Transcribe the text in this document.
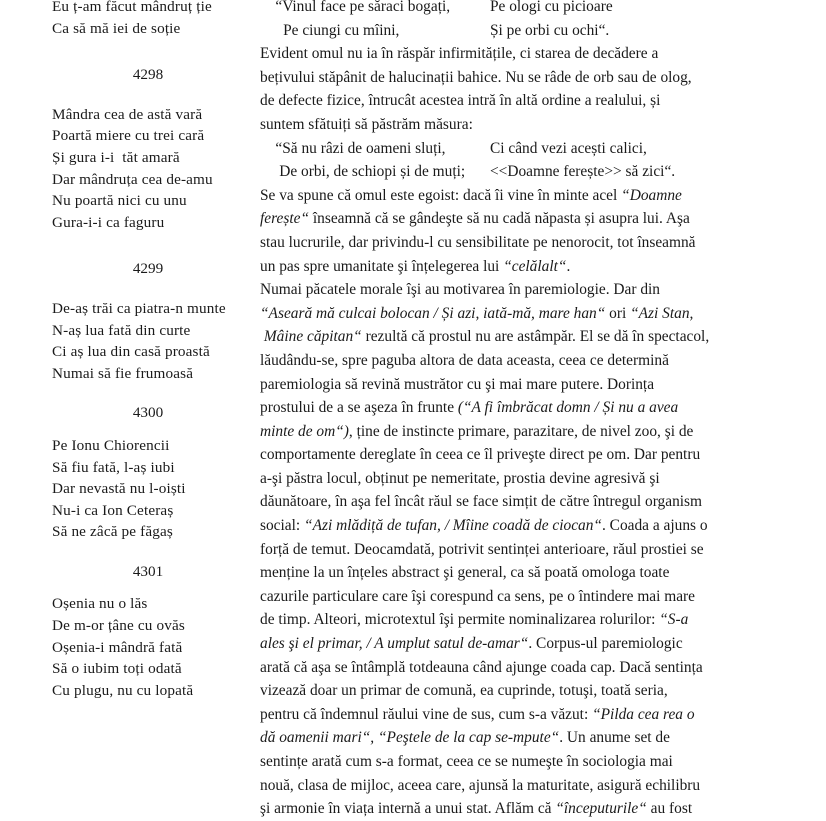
Eu ț-am făcut mândruț ție
Ca să mă iei de soție
4298
Mândra cea de astă vară
Poartă miere cu trei cară
Și gura i-i  tăt amară
Dar mândruța cea de-amu
Nu poartă nici cu unu
Gura-i-i ca faguru
4299
De-aș trăi ca piatra-n munte
N-aș lua fată din curte
Ci aș lua din casă proastă
Numai să fie frumoasă
4300
Pe Ionu Chiorencii
Să fiu fată, l-aș iubi
Dar nevastă nu l-oiști
Nu-i ca Ion Ceteraș
Să ne zâcă pe făgaș
4301
Oșenia nu o lăs
De m-or țâne cu ovăs
Oșenia-i mândră fată
Să o iubim toți odată
Cu plugu, nu cu lopată
“Vinul face pe săraci bogați,	Pe ologi cu picioare
Pe ciungi cu mîini,	Și pe orbi cu ochi“.
Evident omul nu ia în răspăr infirmitățile, ci starea de decădere a
bețivului stăpânit de halucinații bahice. Nu se râde de orb sau de olog,
de defecte fizice, întrucât acestea intră în altă ordine a realului, și
suntem sfătuiți să păstrăm măsura:
“Să nu râzi de oameni sluți,	Ci când vezi acești calici,
De orbi, de schiopi și de muți;	<<Doamne ferește>> să zici“.
Se va spune că omul este egoist: dacă îi vine în minte acel “Doamne
ferește“ înseamnă că se gândeşte să nu cadă năpasta și asupra lui. Aşa
stau lucrurile, dar privindu-l cu sensibilitate pe nenorocit, tot înseamnă
un pas spre umanitate şi înțelegerea lui “celălalt“.
Numai păcatele morale îşi au motivarea în paremiologie. Dar din
“Aseară mă culcai bolocan / Și azi, iată-mă, mare han“ ori “Azi Stan,
Mâine căpitan“ rezultă că prostul nu are astâmpăr. El se dă în spectacol,
lăudându-se, spre paguba altora de data aceasta, ceea ce determină
paremiologia să revină mustrător cu şi mai mare putere. Dorința
prostului de a se aşeza în frunte (“A fi îmbrăcat domn / Și nu a avea
minte de om“), ține de instincte primare, parazitare, de nivel zoo, şi de
comportamente dereglate în ceea ce îl priveşte direct pe om. Dar pentru
a-şi păstra locul, obținut pe nemeritate, prostia devine agresivă şi
dăunătoare, în aşa fel încât răul se face simțit de către întregul organism
social: “Azi mlădiță de tufan, / Mîine coadă de ciocan“. Coada a ajuns o
forță de temut. Deocamdată, potrivit sentinței anterioare, răul prostiei se
menține la un înțeles abstract şi general, ca să poată omologa toate
cazurile particulare care îşi corespund ca sens, pe o întindere mai mare
de timp. Alteori, microtextul îşi permite nominalizarea rolurilor: “S-a
ales şi el primar, / A umplut satul de-amar“. Corpus-ul paremiologic
arată că aşa se întâmplă totdeauna când ajunge coada cap. Dacă sentința
vizează doar un primar de comună, ea cuprinde, totuşi, toată seria,
pentru că îndemnul răului vine de sus, cum s-a văzut: “Pilda cea rea o
dă oamenii mari“, “Peştele de la cap se-mpute“. Un anume set de
sentințe arată cum s-a format, ceea ce se numeşte în sociologia mai
nouă, clasa de mijloc, aceea care, ajunsă la maturitate, asigură echilibru
şi armonie în viața internă a unui stat. Aflăm că “începuturile“ au fost
